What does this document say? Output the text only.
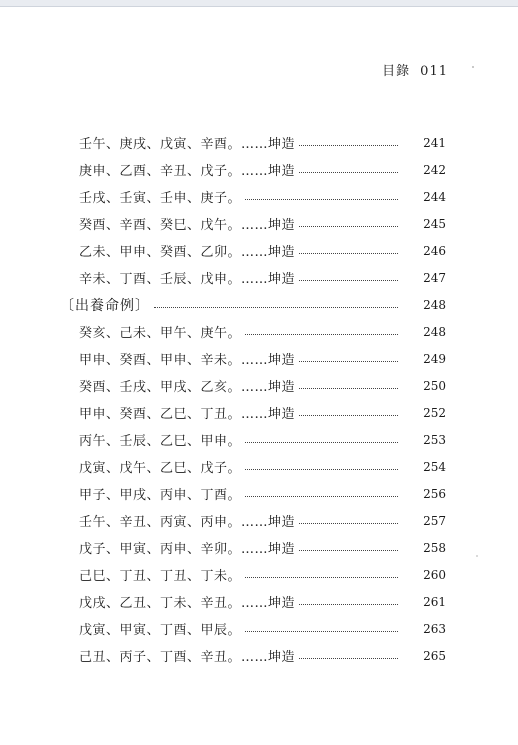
目錄 011
壬午、庚戌、戊寅、辛酉。……坤造	241
庚申、乙酉、辛丑、戊子。……坤造	242
壬戌、壬寅、壬申、庚子。	244
癸酉、辛酉、癸巳、戊午。……坤造	245
乙未、甲申、癸酉、乙卯。……坤造	246
辛未、丁酉、壬辰、戊申。……坤造	247
〔出養命例〕	248
癸亥、己未、甲午、庚午。	248
甲申、癸酉、甲申、辛未。……坤造	249
癸酉、壬戌、甲戌、乙亥。……坤造	250
甲申、癸酉、乙巳、丁丑。……坤造	252
丙午、壬辰、乙巳、甲申。	253
戊寅、戊午、乙巳、戊子。	254
甲子、甲戌、丙申、丁酉。	256
壬午、辛丑、丙寅、丙申。……坤造	257
戊子、甲寅、丙申、辛卯。……坤造	258
己巳、丁丑、丁丑、丁未。	260
戊戌、乙丑、丁未、辛丑。……坤造	261
戊寅、甲寅、丁酉、甲辰。	263
己丑、丙子、丁酉、辛丑。……坤造	265
